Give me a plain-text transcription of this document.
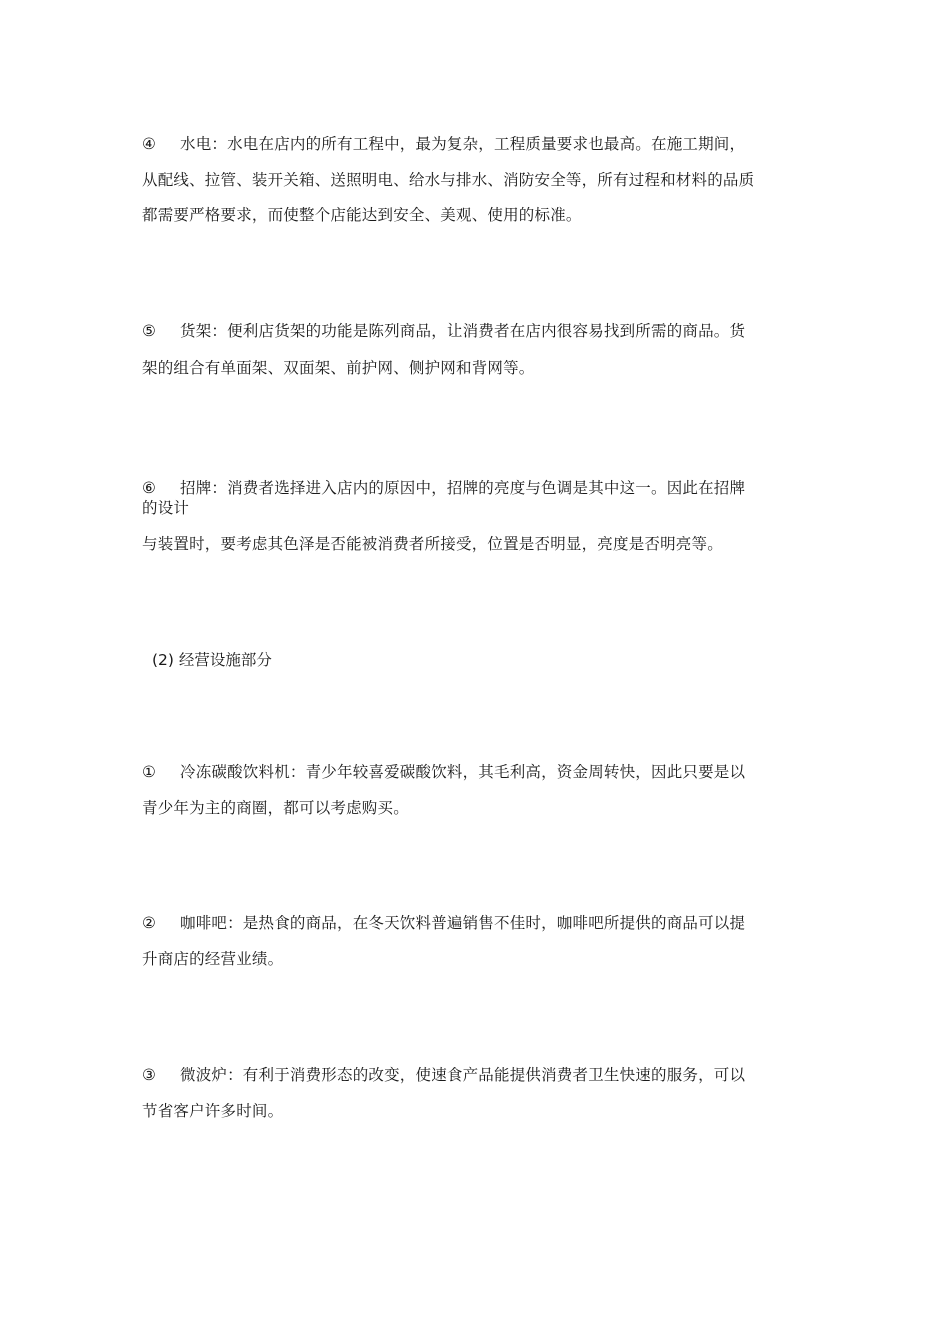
④ 水电：水电在店内的所有工程中，最为复杂，工程质量要求也最高。在施工期间，
从配线、拉管、装开关箱、送照明电、给水与排水、消防安全等，所有过程和材料的品质
都需要严格要求，而使整个店能达到安全、美观、使用的标准。
⑤ 货架：便利店货架的功能是陈列商品，让消费者在店内很容易找到所需的商品。货
架的组合有单面架、双面架、前护网、侧护网和背网等。
⑥ 招牌：消费者选择进入店内的原因中，招牌的亮度与色调是其中这一。因此在招牌
的设计
与装置时，要考虑其色泽是否能被消费者所接受，位置是否明显，亮度是否明亮等。
(2) 经营设施部分
① 冷冻碳酸饮料机：青少年较喜爱碳酸饮料，其毛利高，资金周转快，因此只要是以
青少年为主的商圈，都可以考虑购买。
② 咖啡吧：是热食的商品，在冬天饮料普遍销售不佳时，咖啡吧所提供的商品可以提
升商店的经营业绩。
③ 微波炉：有利于消费形态的改变，使速食产品能提供消费者卫生快速的服务，可以
节省客户许多时间。
